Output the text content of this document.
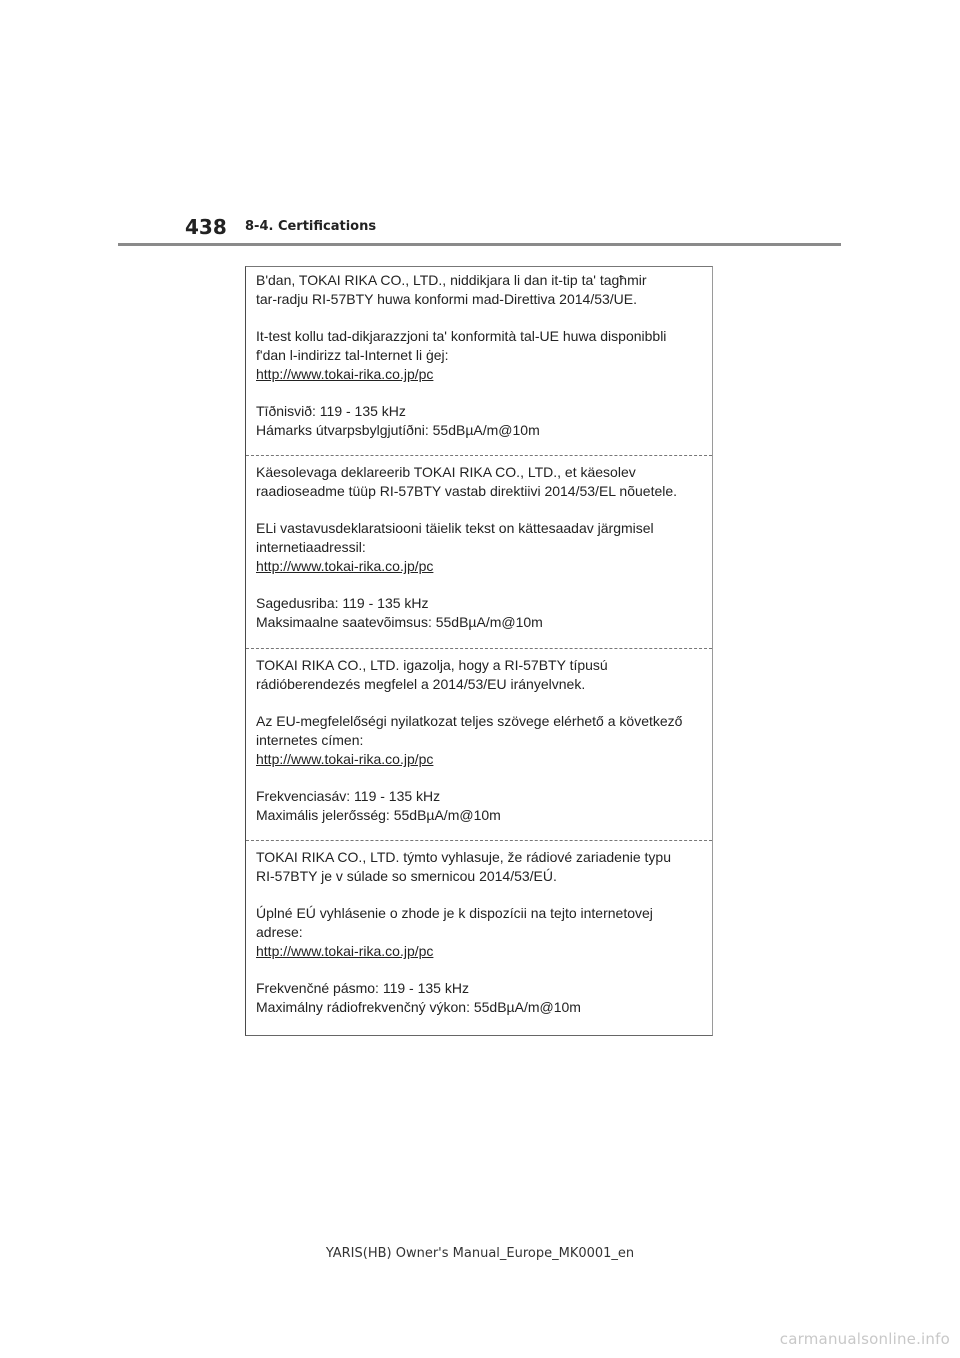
438 8-4. Certifications

B'dan, TOKAI RIKA CO., LTD., niddikjara li dan it-tip ta' tagħmir

tar-radju RI-57BTY huwa konformi mad-Direttiva 2014/53/UE.

It-test kollu tad-dikjarazzjoni ta' konformità tal-UE huwa disponibbli

f'dan l-indirizz tal-Internet li ġej:

http://www.tokai-rika.co.jp/pc

Tīðnisvið: 119 - 135 kHz

Hámarks útvarpsbylgjutíðni: 55dBµA/m@10m

Käesolevaga deklareerib TOKAI RIKA CO., LTD., et käesolev

raadioseadme tüüp RI-57BTY vastab direktiivi 2014/53/EL nõuetele.

ELi vastavusdeklaratsiooni täielik tekst on kättesaadav järgmisel

internetiaadressil:

http://www.tokai-rika.co.jp/pc

Sagedusriba: 119 - 135 kHz

Maksimaalne saatevõimsus: 55dBµA/m@10m

TOKAI RIKA CO., LTD. igazolja, hogy a RI-57BTY típusú

rádióberendezés megfelel a 2014/53/EU irányelvnek.

Az EU-megfelelőségi nyilatkozat teljes szövege elérhető a következő

internetes címen:

http://www.tokai-rika.co.jp/pc

Frekvenciasáv: 119 - 135 kHz

Maximális jelerősség: 55dBµA/m@10m

TOKAI RIKA CO., LTD. týmto vyhlasuje, že rádiové zariadenie typu

RI-57BTY je v súlade so smernicou 2014/53/EÚ.

Úplné EÚ vyhlásenie o zhode je k dispozícii na tejto internetovej

adrese:

http://www.tokai-rika.co.jp/pc

Frekvenčné pásmo: 119 - 135 kHz

Maximálny rádiofrekvenčný výkon: 55dBµA/m@10m

YARIS(HB) Owner's Manual_Europe_MK0001_en
carmanualsonline.info
